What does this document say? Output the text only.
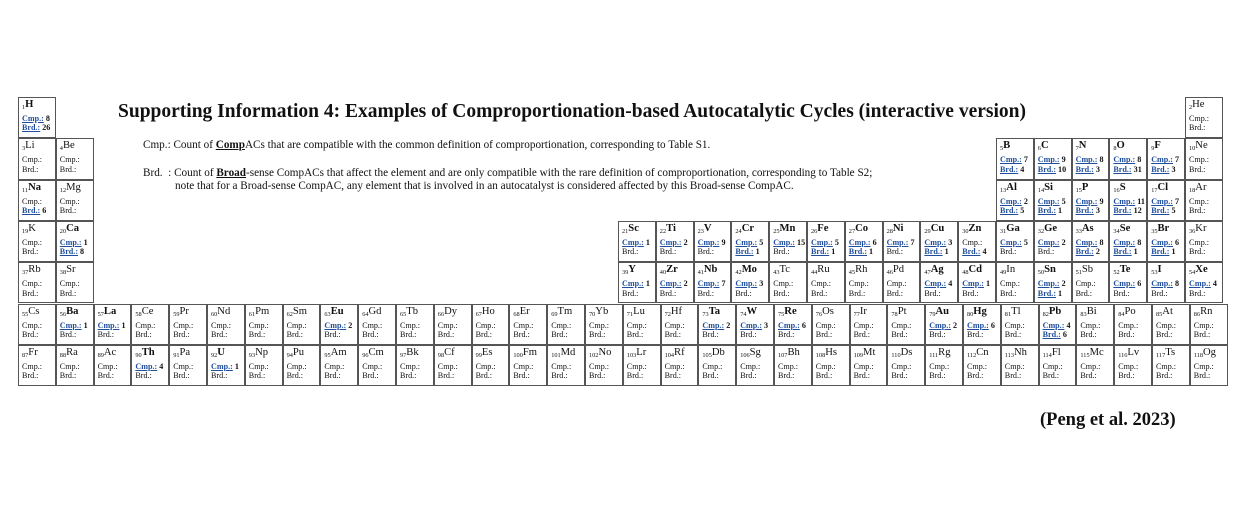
1H
Cmp.: 8
Brd.: 26
2He
Cmp.:
Brd.:
3Li
Cmp.:
Brd.:
4Be
Cmp.:
Brd.:
5B
Cmp.: 7
Brd.: 4
6C
Cmp.: 9
Brd.: 10
7N
Cmp.: 8
Brd.: 3
8O
Cmp.: 8
Brd.: 31
9F
Cmp.: 7
Brd.: 3
10Ne
Cmp.:
Brd.:
11Na
Cmp.:
Brd.: 6
12Mg
Cmp.:
Brd.:
13Al
Cmp.: 2
Brd.: 5
14Si
Cmp.: 5
Brd.: 1
15P
Cmp.: 9
Brd.: 3
16S
Cmp.: 11
Brd.: 12
17Cl
Cmp.: 7
Brd.: 5
18Ar
Cmp.:
Brd.:
19K
Cmp.:
Brd.:
20Ca
Cmp.: 1
Brd.: 8
21Sc
Cmp.: 1
Brd.:
22Ti
Cmp.: 2
Brd.:
23V
Cmp.: 9
Brd.:
24Cr
Cmp.: 5
Brd.: 1
25Mn
Cmp.: 15
Brd.:
26Fe
Cmp.: 5
Brd.: 1
27Co
Cmp.: 6
Brd.: 1
28Ni
Cmp.: 7
Brd.:
29Cu
Cmp.: 3
Brd.: 1
30Zn
Cmp.:
Brd.: 4
31Ga
Cmp.: 5
Brd.:
32Ge
Cmp.: 2
Brd.:
33As
Cmp.: 8
Brd.: 2
34Se
Cmp.: 8
Brd.: 1
35Br
Cmp.: 6
Brd.: 1
36Kr
Cmp.:
Brd.:
37Rb
Cmp.:
Brd.:
38Sr
Cmp.:
Brd.:
39Y
Cmp.: 1
Brd.:
40Zr
Cmp.: 2
Brd.:
41Nb
Cmp.: 7
Brd.:
42Mo
Cmp.: 3
Brd.:
43Tc
Cmp.:
Brd.:
44Ru
Cmp.:
Brd.:
45Rh
Cmp.:
Brd.:
46Pd
Cmp.:
Brd.:
47Ag
Cmp.: 4
Brd.:
48Cd
Cmp.: 1
Brd.:
49In
Cmp.:
Brd.:
50Sn
Cmp.: 2
Brd.: 1
51Sb
Cmp.:
Brd.:
52Te
Cmp.: 6
Brd.:
53I
Cmp.: 8
Brd.:
54Xe
Cmp.: 4
Brd.:
55Cs
Cmp.:
Brd.:
56Ba
Cmp.: 1
Brd.:
57La
Cmp.: 1
Brd.:
58Ce
Cmp.:
Brd.:
59Pr
Cmp.:
Brd.:
60Nd
Cmp.:
Brd.:
61Pm
Cmp.:
Brd.:
62Sm
Cmp.:
Brd.:
63Eu
Cmp.: 2
Brd.:
64Gd
Cmp.:
Brd.:
65Tb
Cmp.:
Brd.:
66Dy
Cmp.:
Brd.:
67Ho
Cmp.:
Brd.:
68Er
Cmp.:
Brd.:
69Tm
Cmp.:
Brd.:
70Yb
Cmp.:
Brd.:
71Lu
Cmp.:
Brd.:
72Hf
Cmp.:
Brd.:
73Ta
Cmp.: 2
Brd.:
74W
Cmp.: 3
Brd.:
75Re
Cmp.: 6
Brd.:
76Os
Cmp.:
Brd.:
77Ir
Cmp.:
Brd.:
78Pt
Cmp.:
Brd.:
79Au
Cmp.: 2
Brd.:
80Hg
Cmp.: 6
Brd.:
81Tl
Cmp.:
Brd.:
82Pb
Cmp.: 4
Brd.: 6
83Bi
Cmp.:
Brd.:
84Po
Cmp.:
Brd.:
85At
Cmp.:
Brd.:
86Rn
Cmp.:
Brd.:
87Fr
Cmp.:
Brd.:
88Ra
Cmp.:
Brd.:
89Ac
Cmp.:
Brd.:
90Th
Cmp.: 4
Brd.:
91Pa
Cmp.:
Brd.:
92U
Cmp.: 1
Brd.:
93Np
Cmp.:
Brd.:
94Pu
Cmp.:
Brd.:
95Am
Cmp.:
Brd.:
96Cm
Cmp.:
Brd.:
97Bk
Cmp.:
Brd.:
98Cf
Cmp.:
Brd.:
99Es
Cmp.:
Brd.:
100Fm
Cmp.:
Brd.:
101Md
Cmp.:
Brd.:
102No
Cmp.:
Brd.:
103Lr
Cmp.:
Brd.:
104Rf
Cmp.:
Brd.:
105Db
Cmp.:
Brd.:
106Sg
Cmp.:
Brd.:
107Bh
Cmp.:
Brd.:
108Hs
Cmp.:
Brd.:
109Mt
Cmp.:
Brd.:
110Ds
Cmp.:
Brd.:
111Rg
Cmp.:
Brd.:
112Cn
Cmp.:
Brd.:
113Nh
Cmp.:
Brd.:
114Fl
Cmp.:
Brd.:
115Mc
Cmp.:
Brd.:
116Lv
Cmp.:
Brd.:
117Ts
Cmp.:
Brd.:
118Og
Cmp.:
Brd.:
Supporting Information 4: Examples of Comproportionation-based Autocatalytic Cycles (interactive version)
Cmp.: Count of CompACs that are compatible with the common definition of comproportionation, corresponding to Table S1.
Brd.  : Count of Broad-sense CompACs that affect the element and are only compatible with the rare definition of comproportionation, corresponding to Table S2;
note that for a Broad-sense CompAC, any element that is involved in an autocatalyst is considered affected by this Broad-sense CompAC.
(Peng et al. 2023)
